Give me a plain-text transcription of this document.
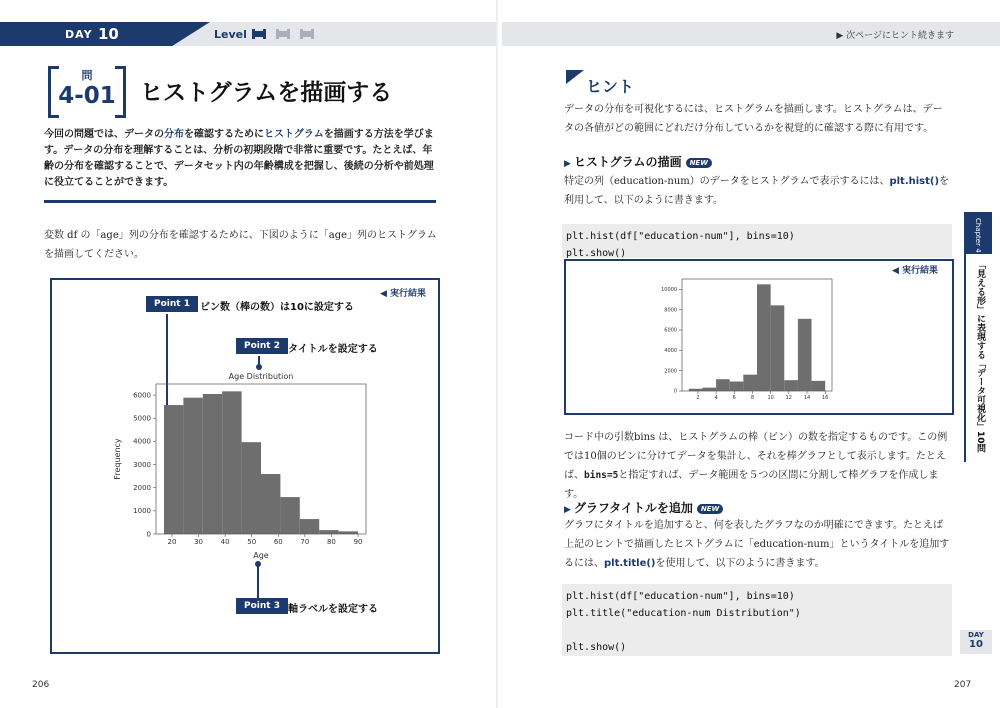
DAY 10	Level
問
4-01	ヒストグラムを描画する
今回の問題では、データの分布を確認するためにヒストグラムを描画する方法を学びます。データの分布を理解することは、分析の初期段階で非常に重要です。たとえば、年齢の分布を確認することで、データセット内の年齢構成を把握し、後続の分析や前処理に役立てることができます。
変数 df の「age」列の分布を確認するために、下図のように「age」列のヒストグラムを描画してください。
◀ 実行結果
Point 1	ビン数（棒の数）は10に設定する
Point 2 タイトルを設定する
Point 3 軸ラベルを設定する
Age Distribution
20	30	40	50	60	70	80	90
0
1000
2000
3000
4000
5000
6000
Age
Frequency
206
▶ 次ページにヒント続きます
ヒント
データの分布を可視化するには、ヒストグラムを描画します。ヒストグラムは、データの各値がどの範囲にどれだけ分布しているかを視覚的に確認する際に有用です。
▶ ヒストグラムの描画 NEW
特定の列（education-num）のデータをヒストグラムで表示するには、plt.hist()を利用して、以下のように書きます。
plt.hist(df["education-num"], bins=10)
plt.show()
◀ 実行結果
2	4	6	8	10 12 14 16
0
2000
4000
6000
8000
10000
コード中の引数bins は、ヒストグラムの棒（ビン）の数を指定するものです。この例では10個のビンに分けてデータを集計し、それを棒グラフとして表示します。たとえば、bins=5と指定すれば、データ範囲を５つの区間に分割して棒グラフを作成します。
▶ グラフタイトルを追加 NEW
グラフにタイトルを追加すると、何を表したグラフなのか明確にできます。たとえば上記のヒントで描画したヒストグラムに「education-num」というタイトルを追加するには、plt.title()を使用して、以下のように書きます。
plt.hist(df["education-num"], bins=10)
plt.title("education-num Distribution")
plt.show()
Chapter 4
「見える形」に表現する「データ可視化」10問
DAY
10
207
